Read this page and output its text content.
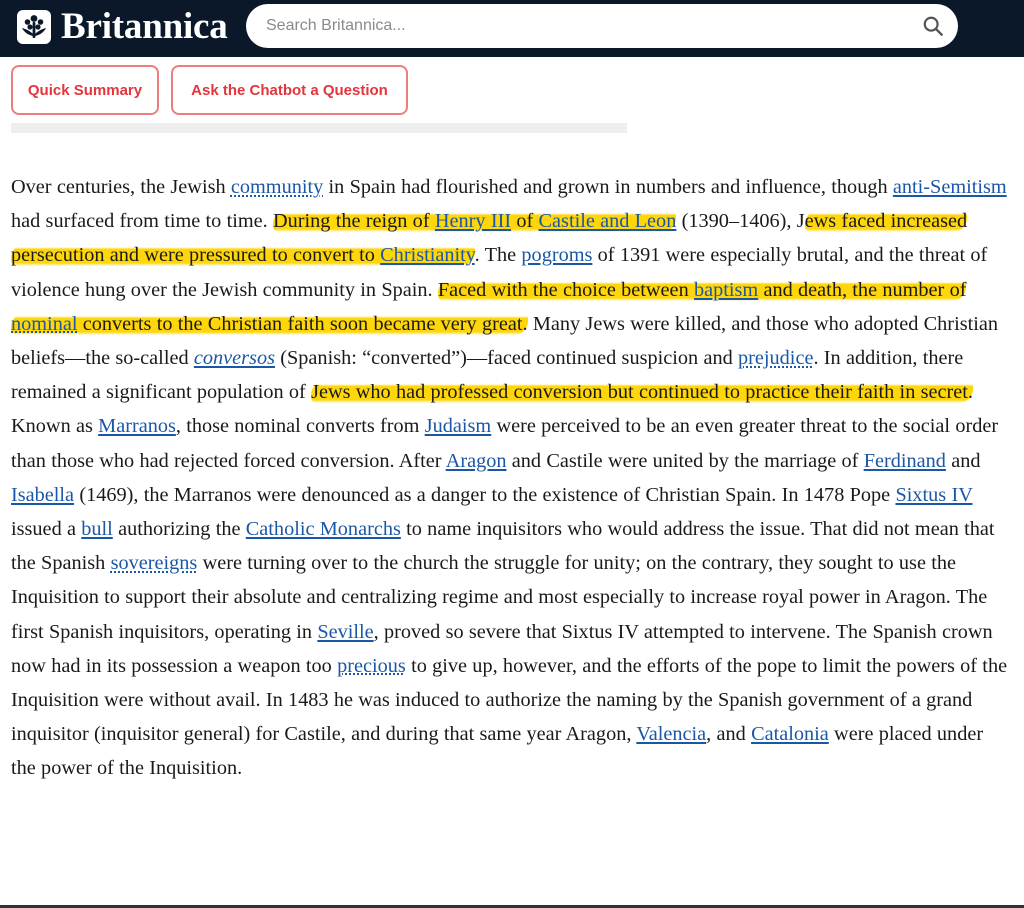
Britannica
Search Britannica...
Quick Summary	Ask the Chatbot a Question

Over centuries, the Jewish community in Spain had flourished and grown in numbers and influence, though anti-Semitism had surfaced from time to time. During the reign of Henry III of Castile and Leon (1390–1406), Jews faced increased persecution and were pressured to convert to Christianity. The pogroms of 1391 were especially brutal, and the threat of violence hung over the Jewish community in Spain. Faced with the choice between baptism and death, the number of nominal converts to the Christian faith soon became very great. Many Jews were killed, and those who adopted Christian beliefs—the so-called conversos (Spanish: “converted”)—faced continued suspicion and prejudice. In addition, there remained a significant population of Jews who had professed conversion but continued to practice their faith in secret. Known as Marranos, those nominal converts from Judaism were perceived to be an even greater threat to the social order than those who had rejected forced conversion. After Aragon and Castile were united by the marriage of Ferdinand and Isabella (1469), the Marranos were denounced as a danger to the existence of Christian Spain. In 1478 Pope Sixtus IV issued a bull authorizing the Catholic Monarchs to name inquisitors who would address the issue. That did not mean that the Spanish sovereigns were turning over to the church the struggle for unity; on the contrary, they sought to use the Inquisition to support their absolute and centralizing regime and most especially to increase royal power in Aragon. The first Spanish inquisitors, operating in Seville, proved so severe that Sixtus IV attempted to intervene. The Spanish crown now had in its possession a weapon too precious to give up, however, and the efforts of the pope to limit the powers of the Inquisition were without avail. In 1483 he was induced to authorize the naming by the Spanish government of a grand inquisitor (inquisitor general) for Castile, and during that same year Aragon, Valencia, and Catalonia were placed under the power of the Inquisition.
